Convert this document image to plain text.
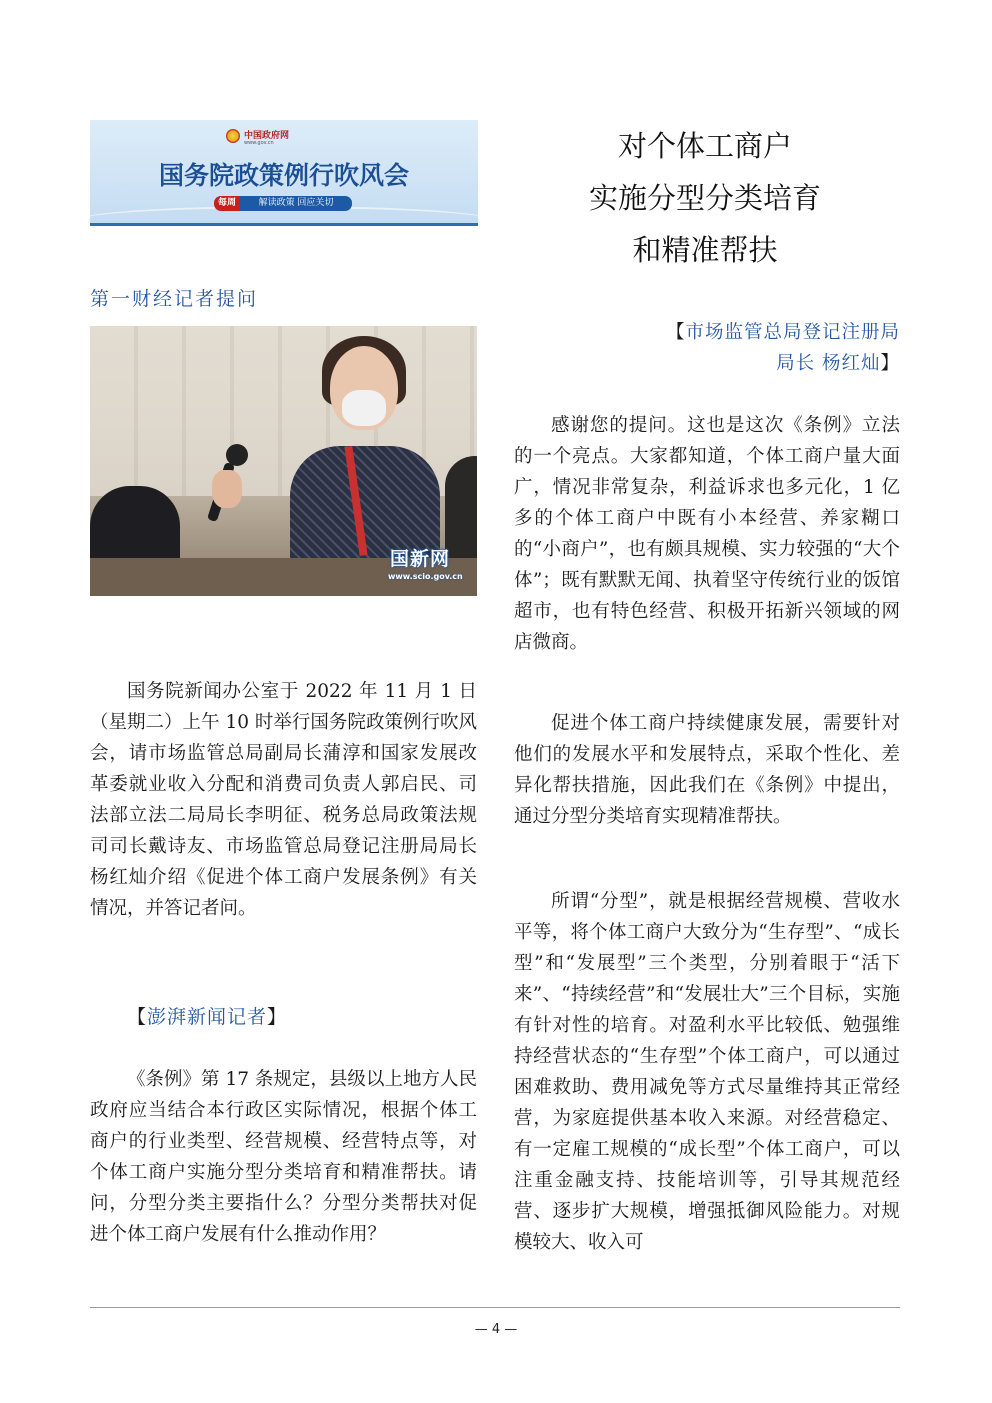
中国政府网
www.gov.cn
国务院政策例行吹风会
每周	解读政策 回应关切
对个体工商户
实施分型分类培育
和精准帮扶
第一财经记者提问
国新网
www.scio.gov.cn
国务院新闻办公室于 2022 年 11 月 1 日（星期二）上午 10 时举行国务院政策例行吹风会，请市场监管总局副局长蒲淳和国家发展改革委就业收入分配和消费司负责人郭启民、司法部立法二局局长李明征、税务总局政策法规司司长戴诗友、市场监管总局登记注册局局长杨红灿介绍《促进个体工商户发展条例》有关情况，并答记者问。
【澎湃新闻记者】
《条例》第 17 条规定，县级以上地方人民政府应当结合本行政区实际情况，根据个体工商户的行业类型、经营规模、经营特点等，对个体工商户实施分型分类培育和精准帮扶。请问，分型分类主要指什么？分型分类帮扶对促进个体工商户发展有什么推动作用？
【市场监管总局登记注册局
局长 杨红灿】
感谢您的提问。这也是这次《条例》立法的一个亮点。大家都知道，个体工商户量大面广，情况非常复杂，利益诉求也多元化，1 亿多的个体工商户中既有小本经营、养家糊口的“小商户”，也有颇具规模、实力较强的“大个体”；既有默默无闻、执着坚守传统行业的饭馆超市，也有特色经营、积极开拓新兴领域的网店微商。
促进个体工商户持续健康发展，需要针对他们的发展水平和发展特点，采取个性化、差异化帮扶措施，因此我们在《条例》中提出，通过分型分类培育实现精准帮扶。
所谓“分型”，就是根据经营规模、营收水平等，将个体工商户大致分为“生存型”、“成长型”和“发展型”三个类型，分别着眼于“活下来”、“持续经营”和“发展壮大”三个目标，实施有针对性的培育。对盈利水平比较低、勉强维持经营状态的“生存型”个体工商户，可以通过困难救助、费用减免等方式尽量维持其正常经营，为家庭提供基本收入来源。对经营稳定、有一定雇工规模的“成长型”个体工商户，可以注重金融支持、技能培训等，引导其规范经营、逐步扩大规模，增强抵御风险能力。对规模较大、收入可
— 4 —
